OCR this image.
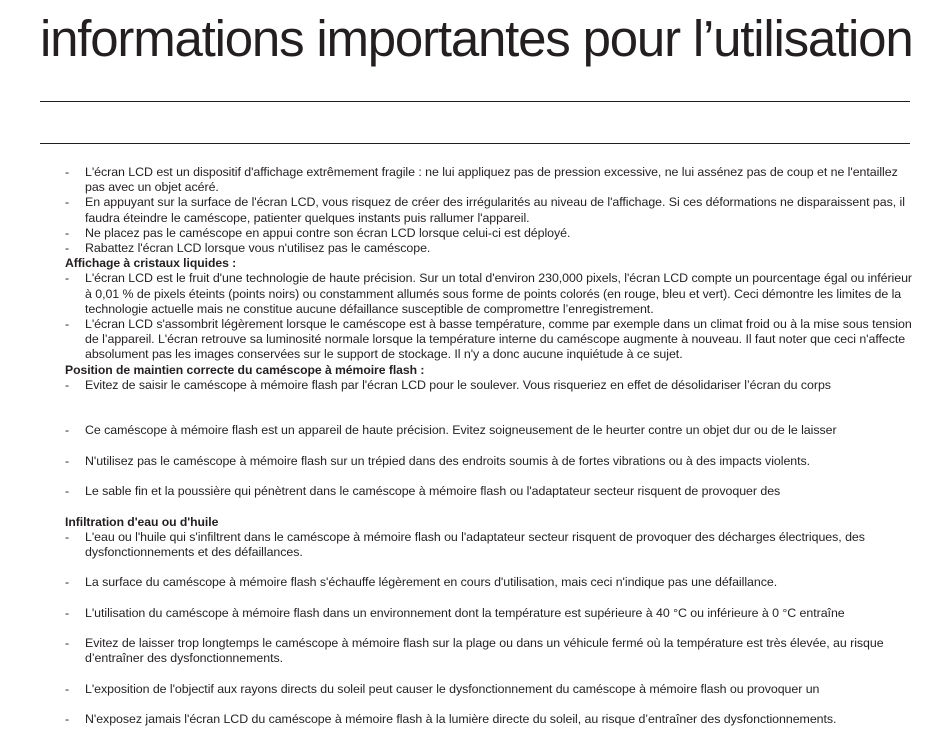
informations importantes pour l’utilisation
- L'écran LCD est un dispositif d'affichage extrêmement fragile : ne lui appliquez pas de pression excessive, ne lui assénez pas de coup et ne l'entaillez pas avec un objet acéré.
- En appuyant sur la surface de l'écran LCD, vous risquez de créer des irrégularités au niveau de l'affichage. Si ces déformations ne disparaissent pas, il faudra éteindre le caméscope, patienter quelques instants puis rallumer l'appareil.
- Ne placez pas le caméscope en appui contre son écran LCD lorsque celui-ci est déployé.
- Rabattez l'écran LCD lorsque vous n'utilisez pas le caméscope.
Affichage à cristaux liquides :
- L'écran LCD est le fruit d'une technologie de haute précision. Sur un total d'environ 230,000 pixels, l'écran LCD compte un pourcentage égal ou inférieur à 0,01 % de pixels éteints (points noirs) ou constamment allumés sous forme de points colorés (en rouge, bleu et vert). Ceci démontre les limites de la technologie actuelle mais ne constitue aucune défaillance susceptible de compromettre l’enregistrement.
- L'écran LCD s'assombrit légèrement lorsque le caméscope est à basse température, comme par exemple dans un climat froid ou à la mise sous tension de l’appareil. L'écran retrouve sa luminosité normale lorsque la température interne du caméscope augmente à nouveau. Il faut noter que ceci n'affecte absolument pas les images conservées sur le support de stockage. Il n'y a donc aucune inquiétude à ce sujet.
Position de maintien correcte du caméscope à mémoire flash :
- Evitez de saisir le caméscope à mémoire flash par l'écran LCD pour le soulever. Vous risqueriez en effet de désolidariser l’écran du corps
- Ce caméscope à mémoire flash est un appareil de haute précision. Evitez soigneusement de le heurter contre un objet dur ou de le laisser
- N'utilisez pas le caméscope à mémoire flash sur un trépied dans des endroits soumis à de fortes vibrations ou à des impacts violents.
- Le sable fin et la poussière qui pénètrent dans le caméscope à mémoire flash ou l'adaptateur secteur risquent de provoquer des
Infiltration d'eau ou d'huile
- L'eau ou l'huile qui s'infiltrent dans le caméscope à mémoire flash ou l'adaptateur secteur risquent de provoquer des décharges électriques, des dysfonctionnements et des défaillances.
- La surface du caméscope à mémoire flash s'échauffe légèrement en cours d'utilisation, mais ceci n'indique pas une défaillance.
- L'utilisation du caméscope à mémoire flash dans un environnement dont la température est supérieure à 40 °C ou inférieure à 0 °C entraîne
- Evitez de laisser trop longtemps le caméscope à mémoire flash sur la plage ou dans un véhicule fermé où la température est très élevée, au risque d’entraîner des dysfonctionnements.
- L'exposition de l'objectif aux rayons directs du soleil peut causer le dysfonctionnement du caméscope à mémoire flash ou provoquer un
- N'exposez jamais l'écran LCD du caméscope à mémoire flash à la lumière directe du soleil, au risque d’entraîner des dysfonctionnements.
